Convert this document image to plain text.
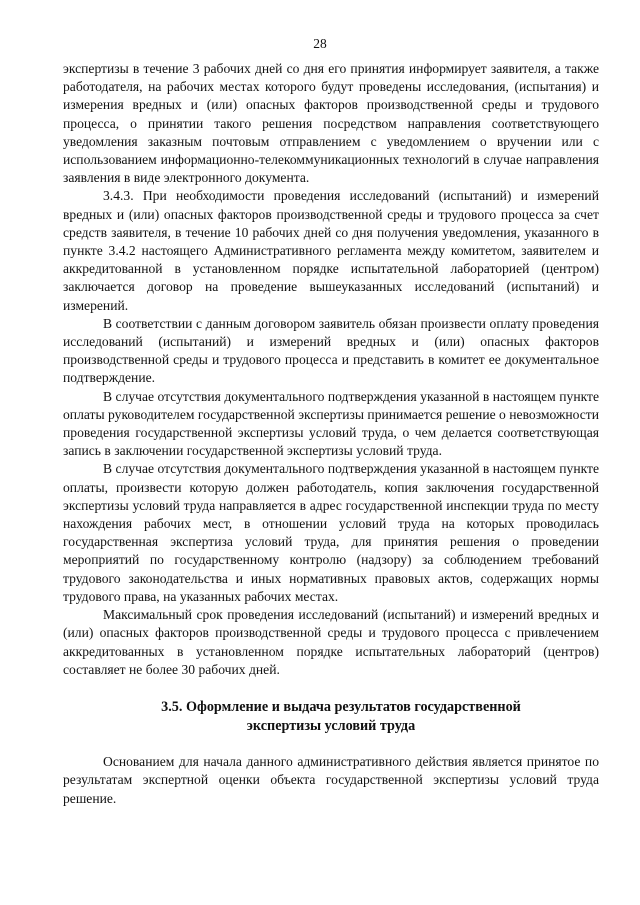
28

экспертизы в течение 3 рабочих дней со дня его принятия информирует заявителя, а также работодателя, на рабочих местах которого будут проведены исследования, (испытания) и измерения вредных и (или) опасных факторов производственной среды и трудового процесса, о принятии такого решения посредством направления соответствующего уведомления заказным почтовым отправлением с уведомлением о вручении или с использованием информационно-телекоммуникационных технологий в случае направления заявления в виде электронного документа.

3.4.3. При необходимости проведения исследований (испытаний) и измерений вредных и (или) опасных факторов производственной среды и трудового процесса за счет средств заявителя, в течение 10 рабочих дней со дня получения уведомления, указанного в пункте 3.4.2 настоящего Административного регламента между комитетом, заявителем и аккредитованной в установленном порядке испытательной лабораторией (центром) заключается договор на проведение вышеуказанных исследований (испытаний) и измерений.

В соответствии с данным договором заявитель обязан произвести оплату проведения исследований (испытаний) и измерений вредных и (или) опасных факторов производственной среды и трудового процесса и представить в комитет ее документальное подтверждение.

В случае отсутствия документального подтверждения указанной в настоящем пункте оплаты руководителем государственной экспертизы принимается решение о невозможности проведения государственной экспертизы условий труда, о чем делается соответствующая запись в заключении государственной экспертизы условий труда.

В случае отсутствия документального подтверждения указанной в настоящем пункте оплаты, произвести которую должен работодатель, копия заключения государственной экспертизы условий труда направляется в адрес государственной инспекции труда по месту нахождения рабочих мест, в отношении условий труда на которых проводилась государственная экспертиза условий труда, для принятия решения о проведении мероприятий по государственному контролю (надзору) за соблюдением требований трудового законодательства и иных нормативных правовых актов, содержащих нормы трудового права, на указанных рабочих местах.

Максимальный срок проведения исследований (испытаний) и измерений вредных и (или) опасных факторов производственной среды и трудового процесса с привлечением аккредитованных в установленном порядке испытательных лабораторий (центров) составляет не более 30 рабочих дней.

3.5. Оформление и выдача результатов государственной
экспертизы условий труда

Основанием для начала данного административного действия является принятое по результатам экспертной оценки объекта государственной экспертизы условий труда решение.
